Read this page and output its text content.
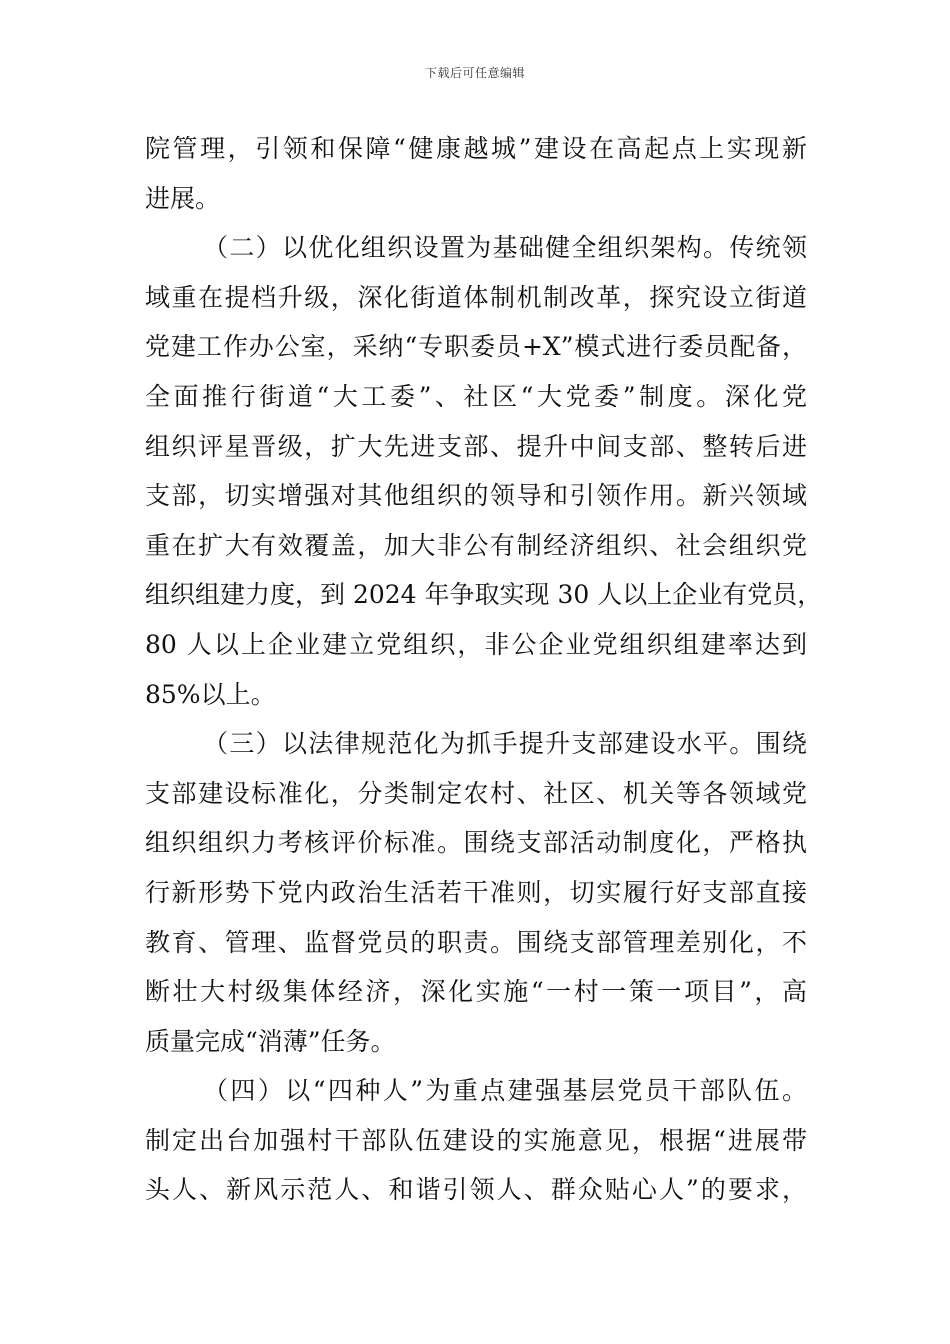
下载后可任意编辑
院管理，引领和保障“健康越城”建设在高起点上实现新
进展。
（二）以优化组织设置为基础健全组织架构。传统领
域重在提档升级，深化街道体制机制改革，探究设立街道
党建工作办公室，采纳“专职委员+X”模式进行委员配备，
全面推行街道“大工委”、社区“大党委”制度。深化党
组织评星晋级，扩大先进支部、提升中间支部、整转后进
支部，切实增强对其他组织的领导和引领作用。新兴领域
重在扩大有效覆盖，加大非公有制经济组织、社会组织党
组织组建力度，到 2024 年争取实现 30 人以上企业有党员，
80 人以上企业建立党组织，非公企业党组织组建率达到
85%以上。
（三）以法律规范化为抓手提升支部建设水平。围绕
支部建设标准化，分类制定农村、社区、机关等各领域党
组织组织力考核评价标准。围绕支部活动制度化，严格执
行新形势下党内政治生活若干准则，切实履行好支部直接
教育、管理、监督党员的职责。围绕支部管理差别化，不
断壮大村级集体经济，深化实施“一村一策一项目”，高
质量完成“消薄”任务。
（四）以“四种人”为重点建强基层党员干部队伍。
制定出台加强村干部队伍建设的实施意见，根据“进展带
头人、新风示范人、和谐引领人、群众贴心人”的要求，
